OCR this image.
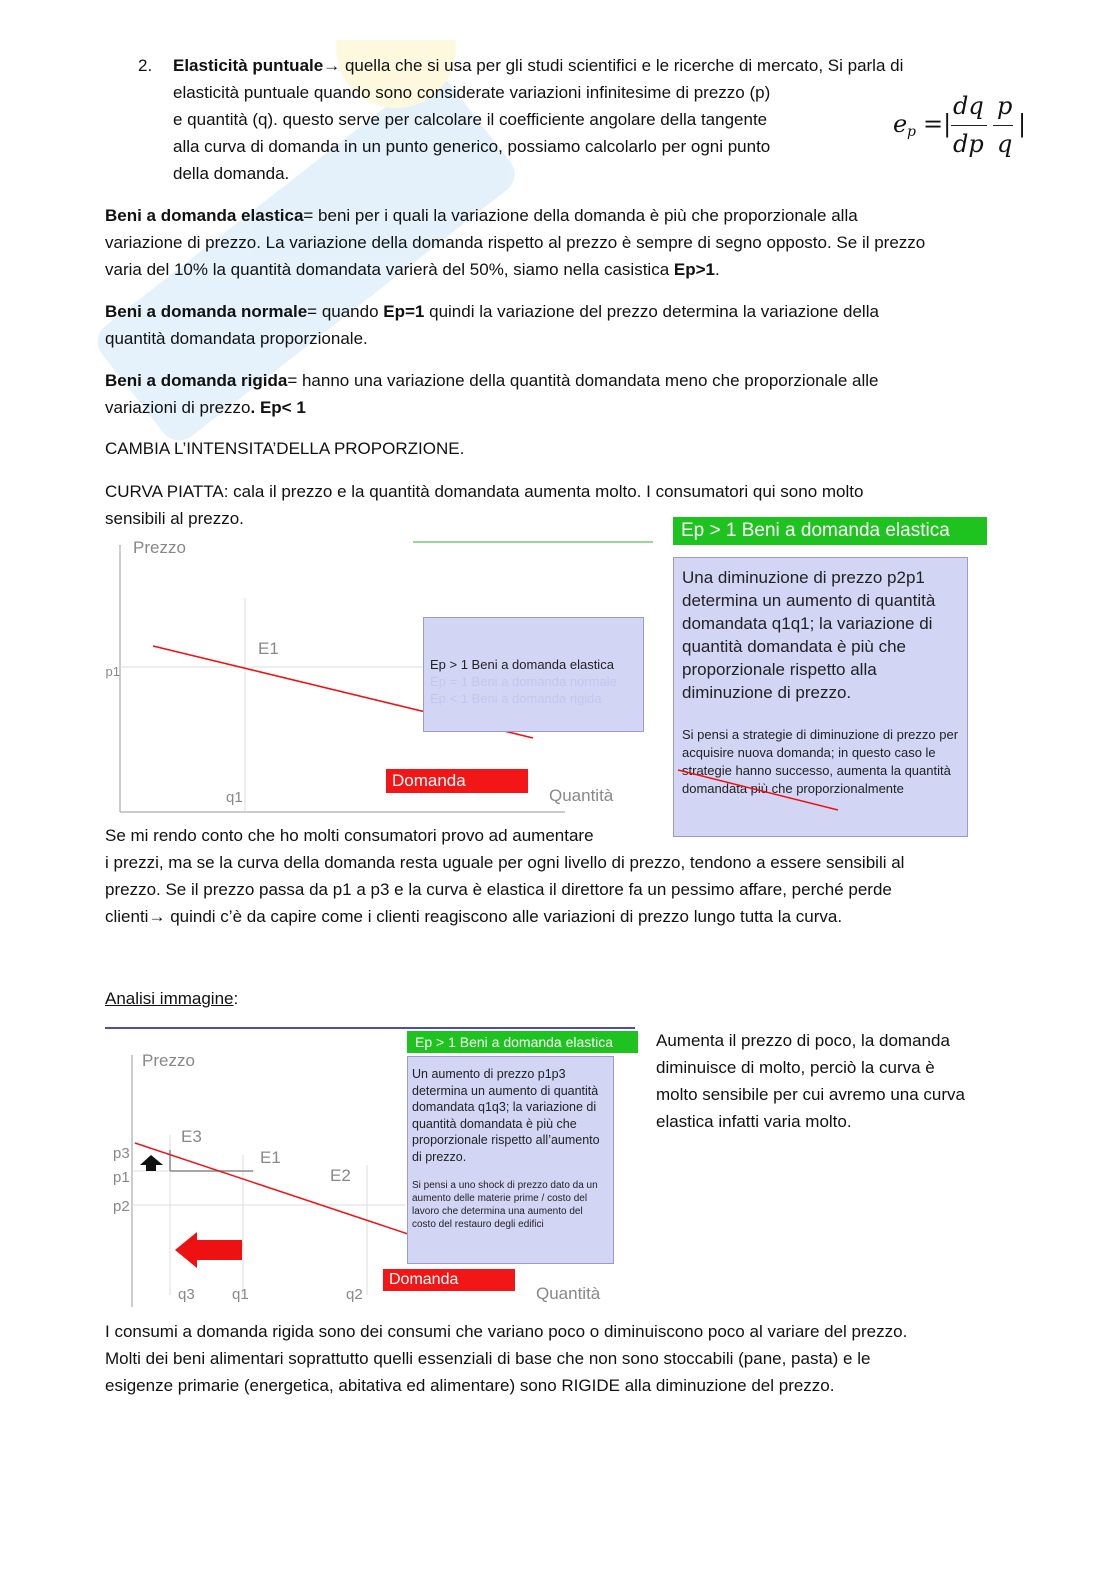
2. Elasticità puntuale→ quella che si usa per gli studi scientifici e le ricerche di mercato, Si parla di
elasticità puntuale quando sono considerate variazioni infinitesime di prezzo (p)
e quantità (q). questo serve per calcolare il coefficiente angolare della tangente
alla curva di domanda in un punto generico, possiamo calcolarlo per ogni punto
della domanda.
e p =|
dq
dp
p
q
|
Beni a domanda elastica= beni per i quali la variazione della domanda è più che proporzionale alla
variazione di prezzo. La variazione della domanda rispetto al prezzo è sempre di segno opposto. Se il prezzo
varia del 10% la quantità domandata varierà del 50%, siamo nella casistica Ep>1.
Beni a domanda normale= quando Ep=1 quindi la variazione del prezzo determina la variazione della
quantità domandata proporzionale.
Beni a domanda rigida= hanno una variazione della quantità domandata meno che proporzionale alle
variazioni di prezzo. Ep< 1
CAMBIA L’INTENSITA’DELLA PROPORZIONE.
CURVA PIATTA: cala il prezzo e la quantità domandata aumenta molto. I consumatori qui sono molto
sensibili al prezzo.
Prezzo
p1
q1
E1
Quantità
Ep > 1 Beni a domanda elastica
Ep = 1 Beni a domanda normale
Ep < 1 Beni a domanda rigida
Domanda
Ep > 1 Beni a domanda elastica
Una diminuzione di prezzo p2p1 determina un aumento di quantità domandata q1q1; la variazione di quantità domandata è più che proporzionale rispetto alla diminuzione di prezzo.
Si pensi a strategie di diminuzione di prezzo per acquisire nuova domanda; in questo caso le strategie hanno successo, aumenta la quantità domandata più che proporzionalmente
Se mi rendo conto che ho molti consumatori provo ad aumentare
i prezzi, ma se la curva della domanda resta uguale per ogni livello di prezzo, tendono a essere sensibili al
prezzo. Se il prezzo passa da p1 a p3 e la curva è elastica il direttore fa un pessimo affare, perché perde
clienti→ quindi c’è da capire come i clienti reagiscono alle variazioni di prezzo lungo tutta la curva.
Analisi immagine:
Prezzo
p3
p1
p2
q3 q1	q2
E3
E1
E2
Quantità
Domanda
Ep > 1 Beni a domanda elastica
Un aumento di prezzo p1p3 determina un aumento di quantità domandata q1q3; la variazione di quantità domandata è più che proporzionale rispetto all’aumento di prezzo.
Si pensi a uno shock di prezzo dato da un aumento delle materie prime / costo del lavoro che determina una aumento del costo del restauro degli edifici
Aumenta il prezzo di poco, la domanda
diminuisce di molto, perciò la curva è
molto sensibile per cui avremo una curva
elastica infatti varia molto.
I consumi a domanda rigida sono dei consumi che variano poco o diminuiscono poco al variare del prezzo.
Molti dei beni alimentari soprattutto quelli essenziali di base che non sono stoccabili (pane, pasta) e le
esigenze primarie (energetica, abitativa ed alimentare) sono RIGIDE alla diminuzione del prezzo.
